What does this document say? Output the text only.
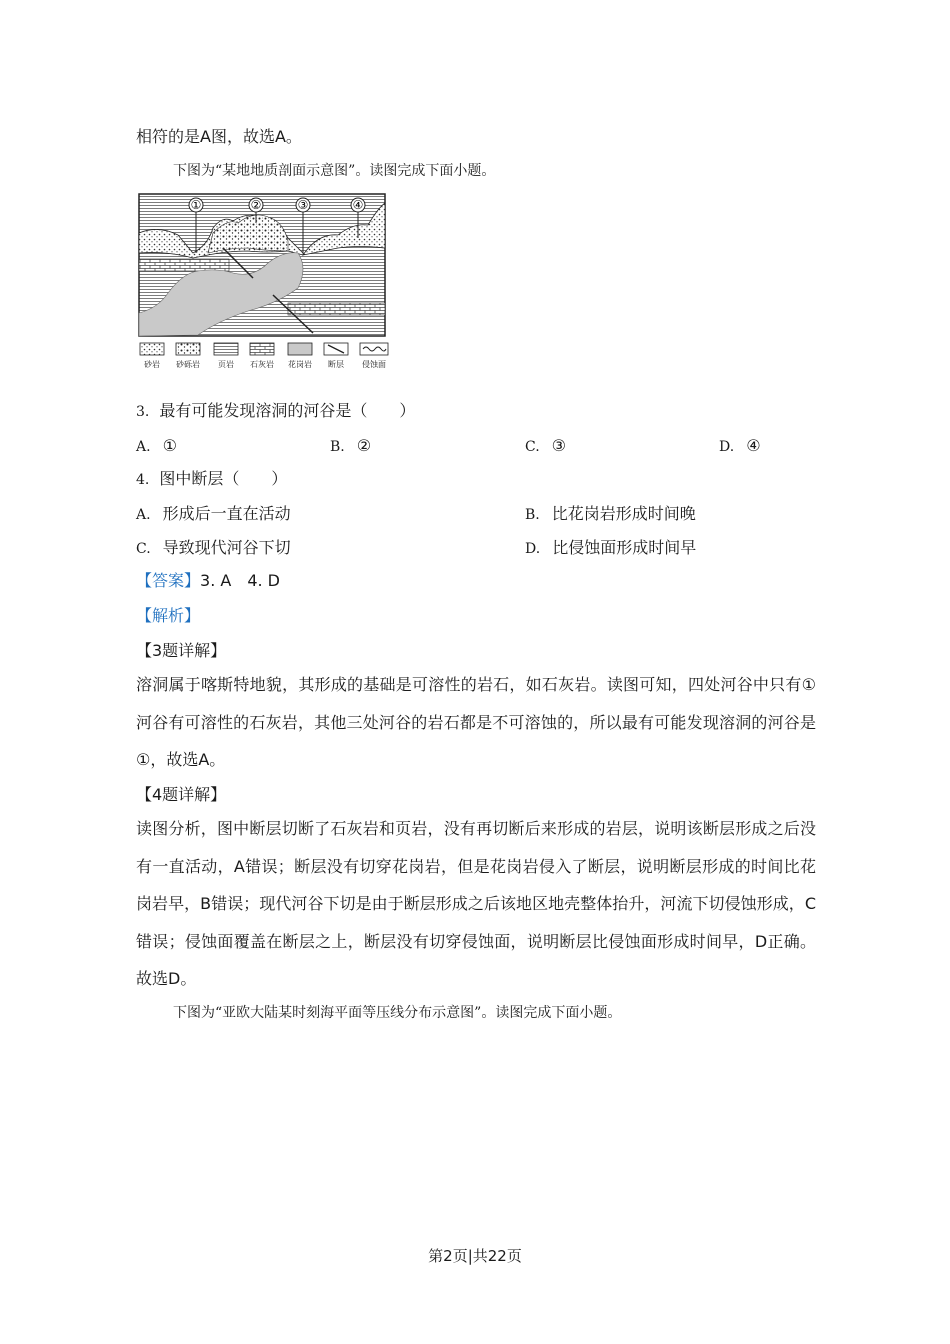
相符的是A图，故选A。
下图为“某地地质剖面示意图”。读图完成下面小题。
①	②	③	④
砂岩 砂砾岩 页岩 石灰岩 花岗岩 断层 侵蚀面
3. 最有可能发现溶洞的河谷是（　　）
A. ①	B. ②	C. ③	D. ④
4. 图中断层（　　）
A. 形成后一直在活动	B. 比花岗岩形成时间晚
C. 导致现代河谷下切	D. 比侵蚀面形成时间早
【答案】3. A　4. D
【解析】
【3题详解】
溶洞属于喀斯特地貌，其形成的基础是可溶性的岩石，如石灰岩。读图可知，四处河谷中只有①河谷有可溶性的石灰岩，其他三处河谷的岩石都是不可溶蚀的，所以最有可能发现溶洞的河谷是①，故选A。
【4题详解】
读图分析，图中断层切断了石灰岩和页岩，没有再切断后来形成的岩层，说明该断层形成之后没有一直活动，A错误；断层没有切穿花岗岩，但是花岗岩侵入了断层，说明断层形成的时间比花岗岩早，B错误；现代河谷下切是由于断层形成之后该地区地壳整体抬升，河流下切侵蚀形成，C错误；侵蚀面覆盖在断层之上，断层没有切穿侵蚀面，说明断层比侵蚀面形成时间早，D正确。故选D。
下图为“亚欧大陆某时刻海平面等压线分布示意图”。读图完成下面小题。
第2页|共22页
